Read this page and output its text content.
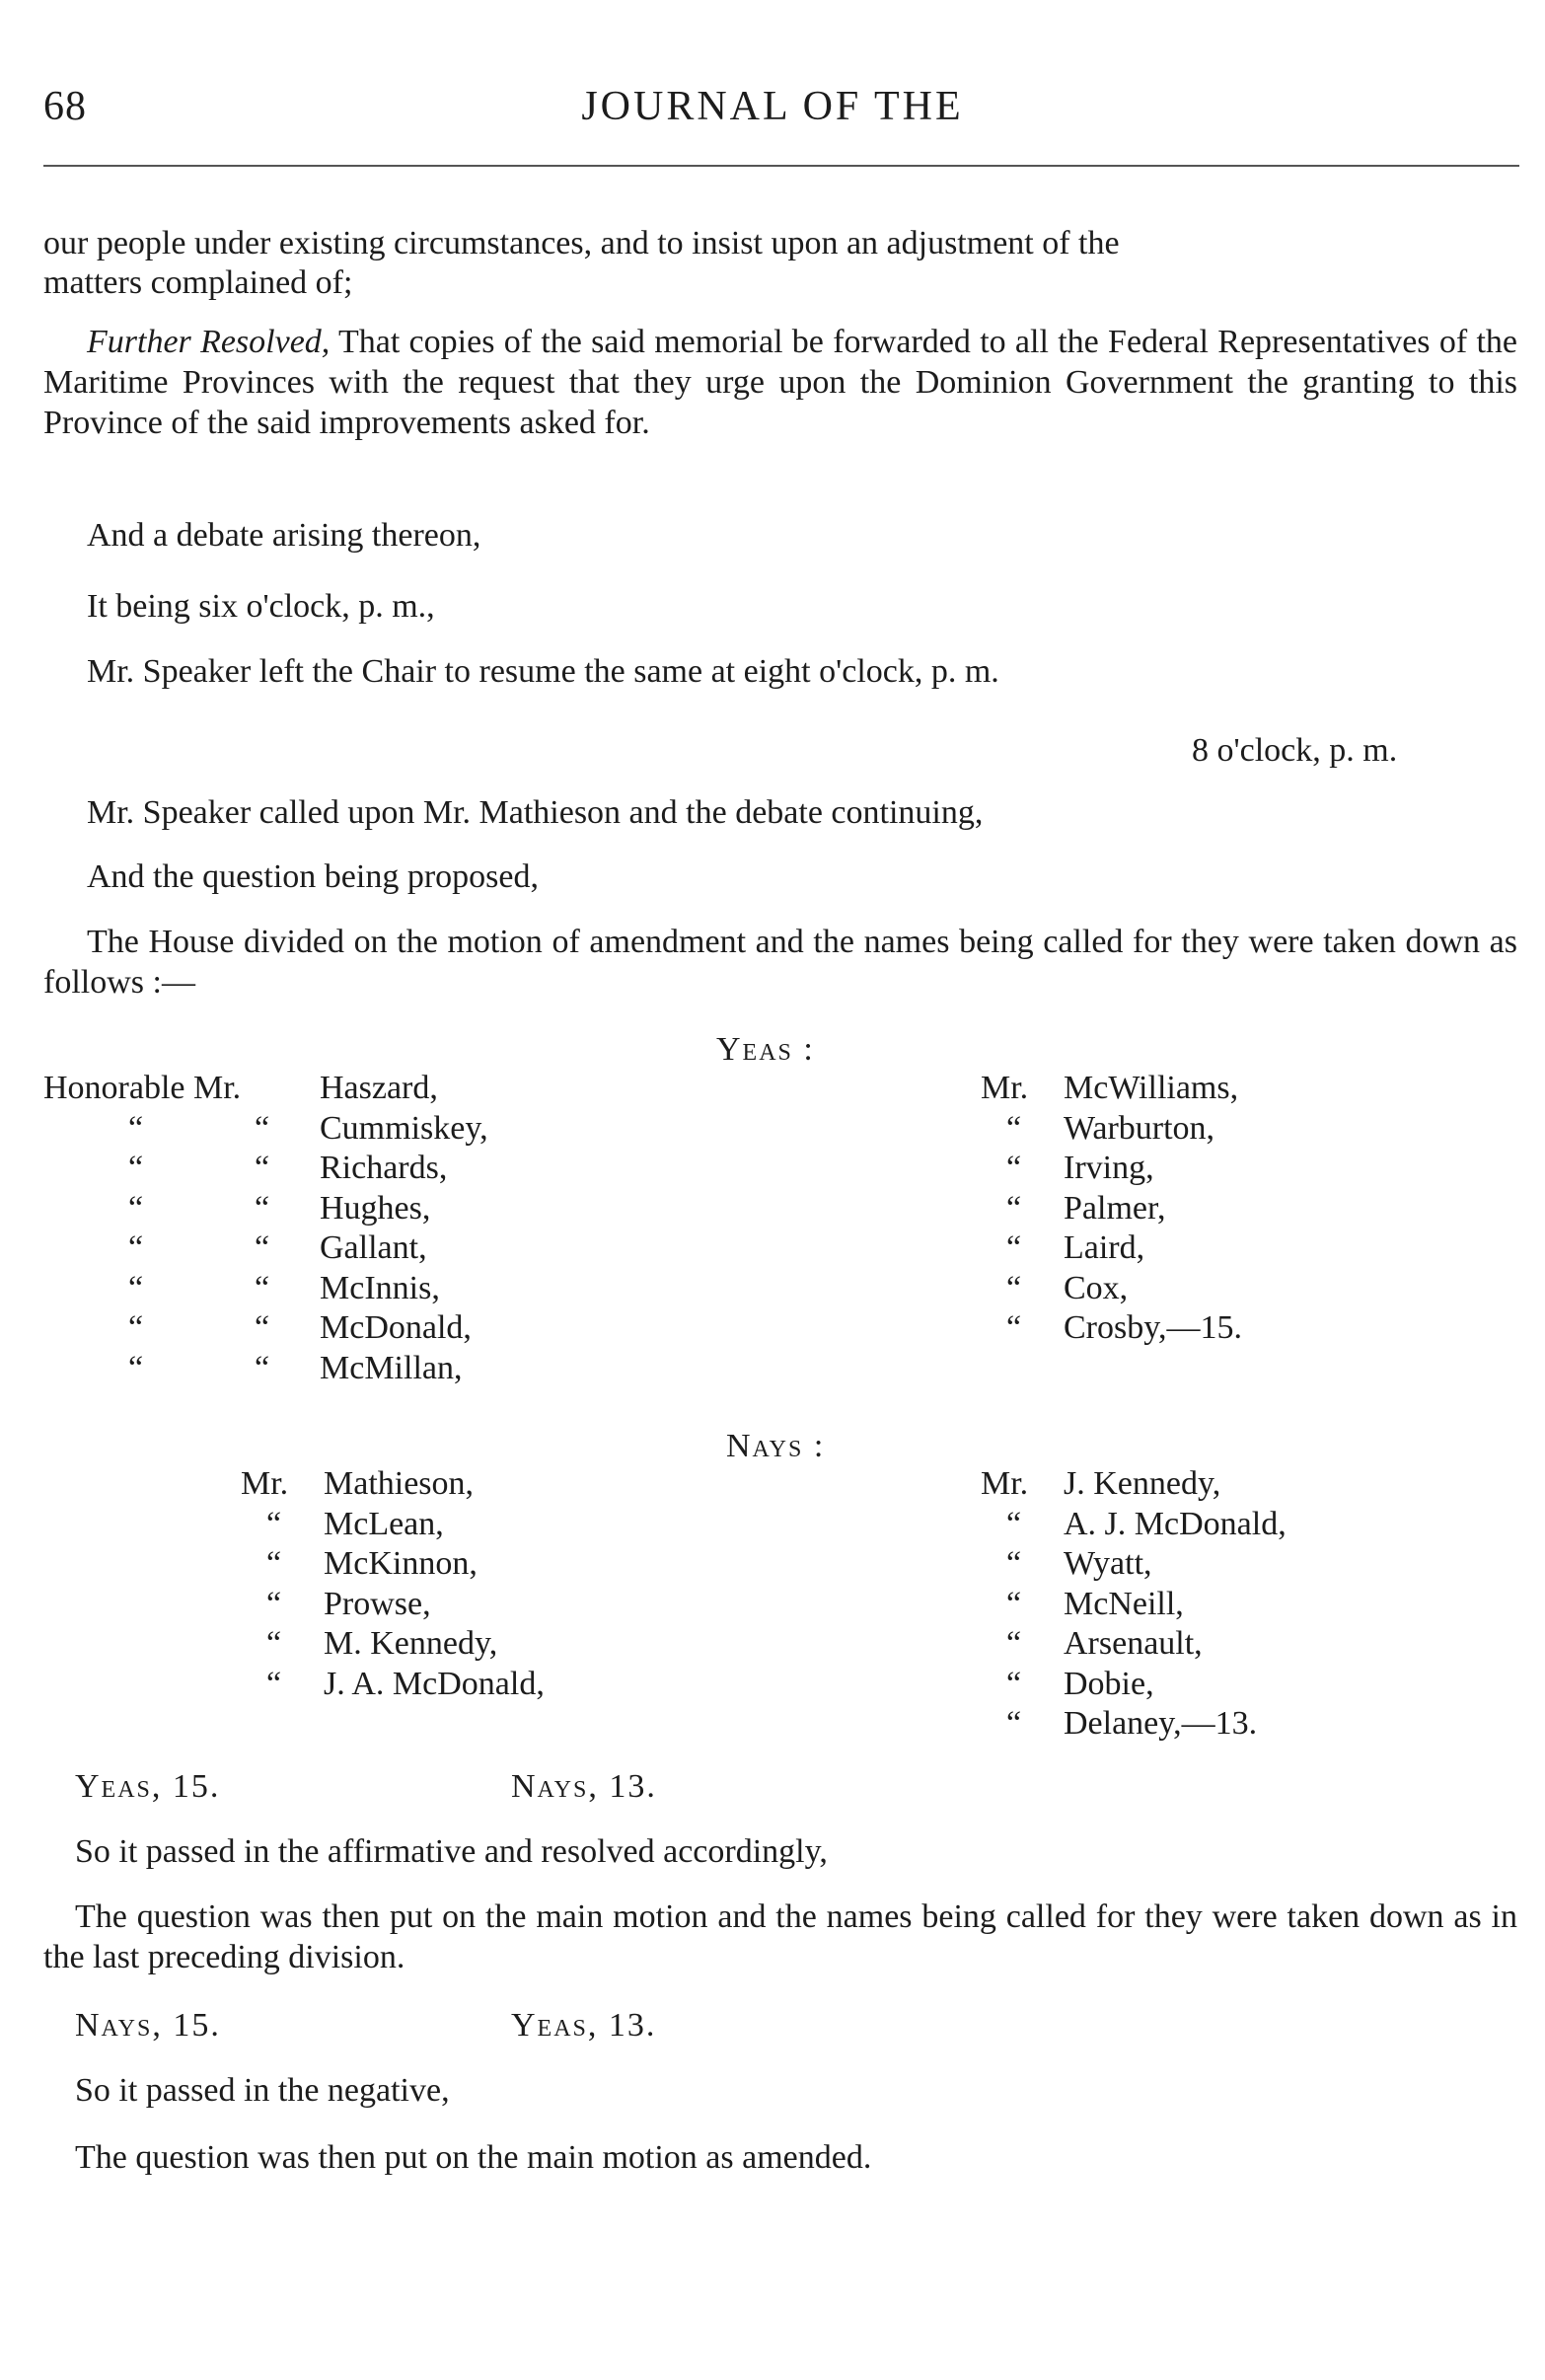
68	JOURNAL OF THE
our people under existing circumstances, and to insist upon an adjustment of the
matters complained of;
Further Resolved, That copies of the said memorial be forwarded to all the Federal Representatives of the Maritime Provinces with the request that they urge upon the Dominion Government the granting to this Province of the said improvements asked for.
And a debate arising thereon,
It being six o'clock, p. m.,
Mr. Speaker left the Chair to resume the same at eight o'clock, p. m.
8 o'clock, p. m.
Mr. Speaker called upon Mr. Mathieson and the debate continuing,
And the question being proposed,
The House divided on the motion of amendment and the names being called for they were taken down as follows :—
Yeas :
Honorable Mr. Haszard,
“	“ Cummiskey,
“	“ Richards,
“	“ Hughes,
“	“ Gallant,
“	“ McInnis,
“	“ McDonald,
“	“ McMillan,
Mr. McWilliams,
“ Warburton,
“ Irving,
“ Palmer,
“ Laird,
“ Cox,
“ Crosby,—15.
Nays :
Mr. Mathieson,
“ McLean,
“ McKinnon,
“ Prowse,
“ M. Kennedy,
“ J. A. McDonald,
Mr. J. Kennedy,
“ A. J. McDonald,
“ Wyatt,
“ McNeill,
“ Arsenault,
“ Dobie,
“ Delaney,—13.
Yeas, 15.	Nays, 13.
So it passed in the affirmative and resolved accordingly,
The question was then put on the main motion and the names being called for they were taken down as in the last preceding division.
Nays, 15.	Yeas, 13.
So it passed in the negative,
The question was then put on the main motion as amended.
